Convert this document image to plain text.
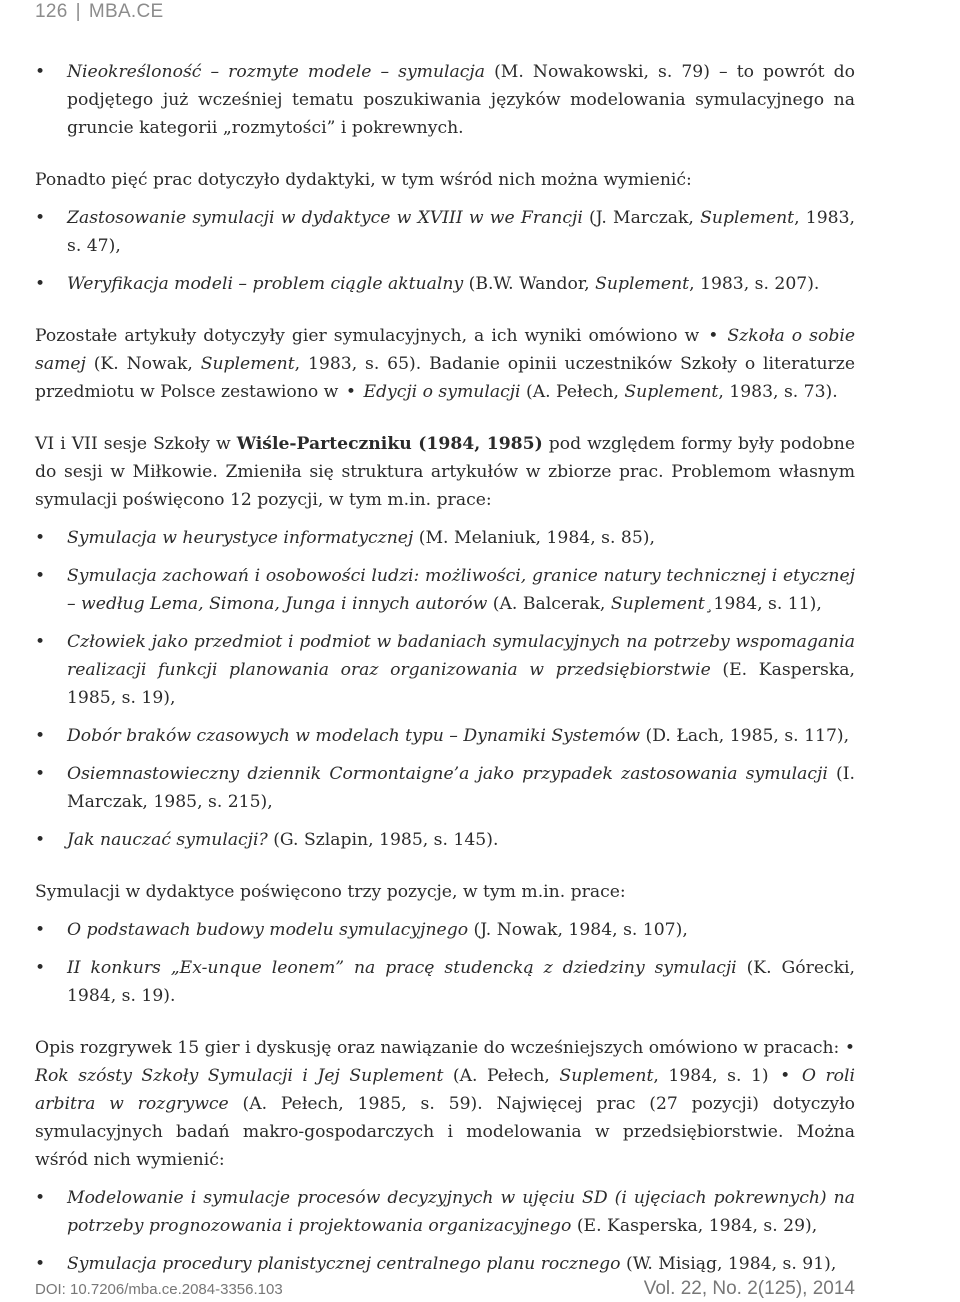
126 | MBA.CE
• Nieokreśloność – rozmyte modele – symulacja (M. Nowakowski, s. 79) – to powrót do podjętego już wcześniej tematu poszukiwania języków modelowania symulacyjnego na gruncie kategorii „rozmytości” i pokrewnych.

Ponadto pięć prac dotyczyło dydaktyki, w tym wśród nich można wymienić:

• Zastosowanie symulacji w dydaktyce w XVIII w we Francji (J. Marczak, Suplement, 1983, s. 47),
• Weryfikacja modeli – problem ciągle aktualny (B.W. Wandor, Suplement, 1983, s. 207).

Pozostałe artykuły dotyczyły gier symulacyjnych, a ich wyniki omówiono w • Szkoła o sobie samej (K. Nowak, Suplement, 1983, s. 65). Badanie opinii uczestników Szkoły o literaturze przedmiotu w Polsce zestawiono w • Edycji o symulacji (A. Pełech, Suplement, 1983, s. 73).

VI i VII sesje Szkoły w Wiśle-Parteczniku (1984, 1985) pod względem formy były podobne do sesji w Miłkowie. Zmieniła się struktura artykułów w zbiorze prac. Problemom własnym symulacji poświęcono 12 pozycji, w tym m.in. prace:

• Symulacja w heurystyce informatycznej (M. Melaniuk, 1984, s. 85),
• Symulacja zachowań i osobowości ludzi: możliwości, granice natury technicznej i etycznej – według Lema, Simona, Junga i innych autorów (A. Balcerak, Suplement¸1984, s. 11),
• Człowiek jako przedmiot i podmiot w badaniach symulacyjnych na potrzeby wspomagania realizacji funkcji planowania oraz organizowania w przedsiębiorstwie (E. Kasperska, 1985, s. 19),
• Dobór braków czasowych w modelach typu – Dynamiki Systemów (D. Łach, 1985, s. 117),
• Osiemnastowieczny dziennik Cormontaigne’a jako przypadek zastosowania symulacji (I. Marczak, 1985, s. 215),
• Jak nauczać symulacji? (G. Szlapin, 1985, s. 145).

Symulacji w dydaktyce poświęcono trzy pozycje, w tym m.in. prace:

• O podstawach budowy modelu symulacyjnego (J. Nowak, 1984, s. 107),
• II konkurs „Ex-unque leonem” na pracę studencką z dziedziny symulacji (K. Górecki, 1984, s. 19).

Opis rozgrywek 15 gier i dyskusję oraz nawiązanie do wcześniejszych omówiono w pracach: • Rok szósty Szkoły Symulacji i Jej Suplement (A. Pełech, Suplement, 1984, s. 1) • O roli arbitra w rozgrywce (A. Pełech, 1985, s. 59). Najwięcej prac (27 pozycji) dotyczyło symulacyjnych badań makro-gospodarczych i modelowania w przedsiębiorstwie. Można wśród nich wymienić:

• Modelowanie i symulacje procesów decyzyjnych w ujęciu SD (i ujęciach pokrewnych) na potrzeby prognozowania i projektowania organizacyjnego (E. Kasperska, 1984, s. 29),
• Symulacja procedury planistycznej centralnego planu rocznego (W. Misiąg, 1984, s. 91),
DOI: 10.7206/mba.ce.2084-3356.103	Vol. 22, No. 2(125), 2014
